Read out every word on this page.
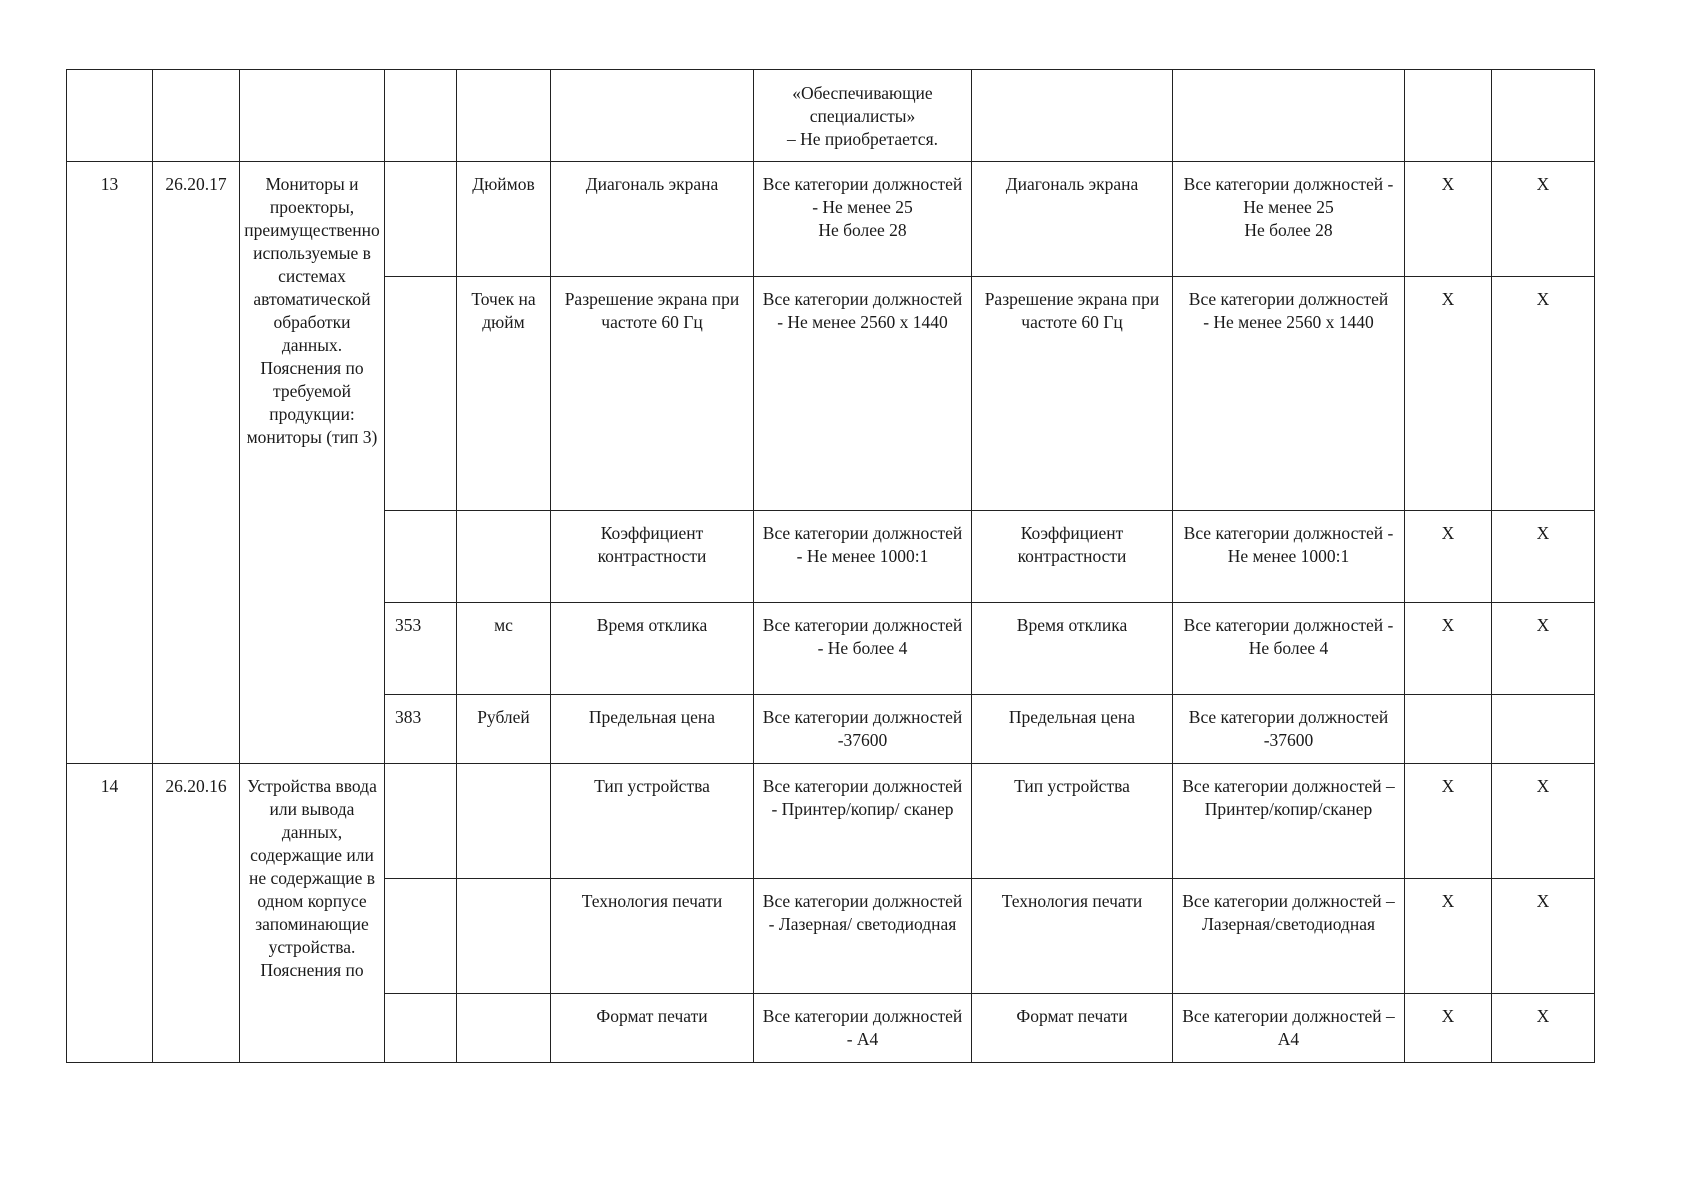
						«Обеспечивающие
специалисты»
– Не приобретается.				
13	26.20.17	Мониторы и проекторы, преимущественно используемые в системах автоматической обработки данных. Пояснения по требуемой продукции: мониторы (тип 3)		Дюймов	Диагональ экрана	Все категории должностей - Не менее 25
Не более 28	Диагональ экрана	Все категории должностей - Не менее 25
Не более 28	X	X
				Точек на дюйм	Разрешение экрана при частоте 60 Гц	Все категории должностей - Не менее 2560 х 1440	Разрешение экрана при частоте 60 Гц	Все категории должностей
- Не менее 2560 х 1440	X	X
					Коэффициент контрастности	Все категории должностей - Не менее 1000:1	Коэффициент контрастности	Все категории должностей - Не менее 1000:1	X	X
			353	мс	Время отклика	Все категории должностей - Не более 4	Время отклика	Все категории должностей - Не более 4	X	X
			383	Рублей	Предельная цена	Все категории должностей -37600	Предельная цена	Все категории должностей -37600		
14	26.20.16	Устройства ввода или вывода данных, содержащие или не содержащие в одном корпусе запоминающие устройства. Пояснения по			Тип устройства	Все категории должностей - Принтер/копир/ сканер	Тип устройства	Все категории должностей – Принтер/копир/сканер	X	X
					Технология печати	Все категории должностей - Лазерная/ светодиодная	Технология печати	Все категории должностей – Лазерная/светодиодная	X	X
					Формат печати	Все категории должностей - А4	Формат печати	Все категории должностей – А4	X	X
